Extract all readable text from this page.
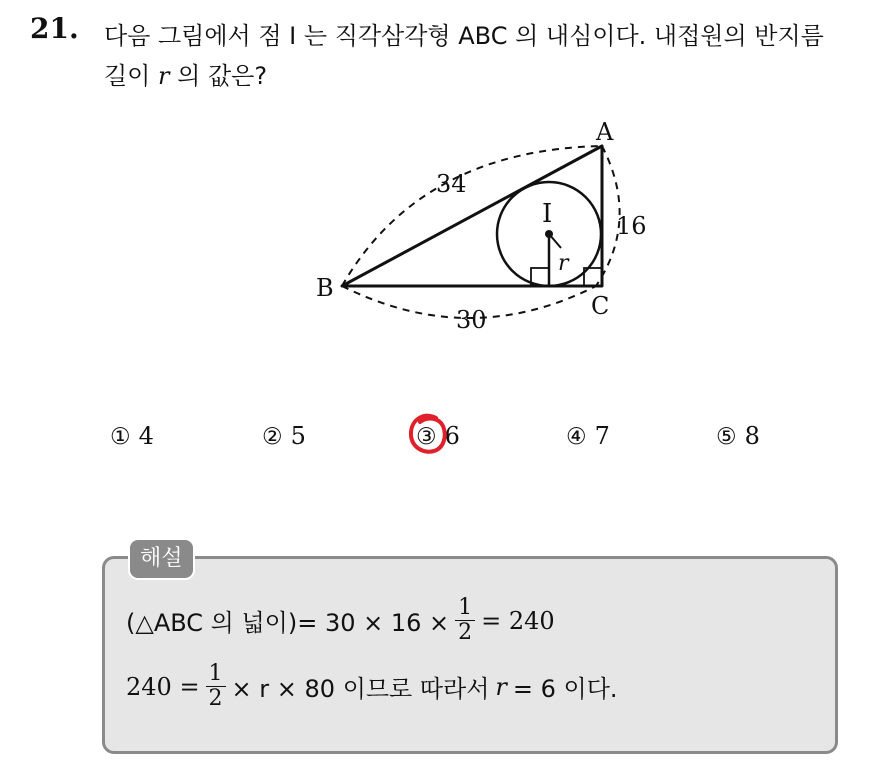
21. 다음 그림에서 점 I 는 직각삼각형 ABC 의 내심이다. 내접원의 반지름
길이 r 의 값은?
A
B
C
I
r
34
16
30
① 4	② 5	③ 6	④ 7	⑤ 8
해설
(△ABC 의 넓이)= $30 \times 16 \times \frac{1}{2} = 240$
$240 = \frac{1}{2} \times r \times 80$ 이므로 따라서 r = 6 이다.
